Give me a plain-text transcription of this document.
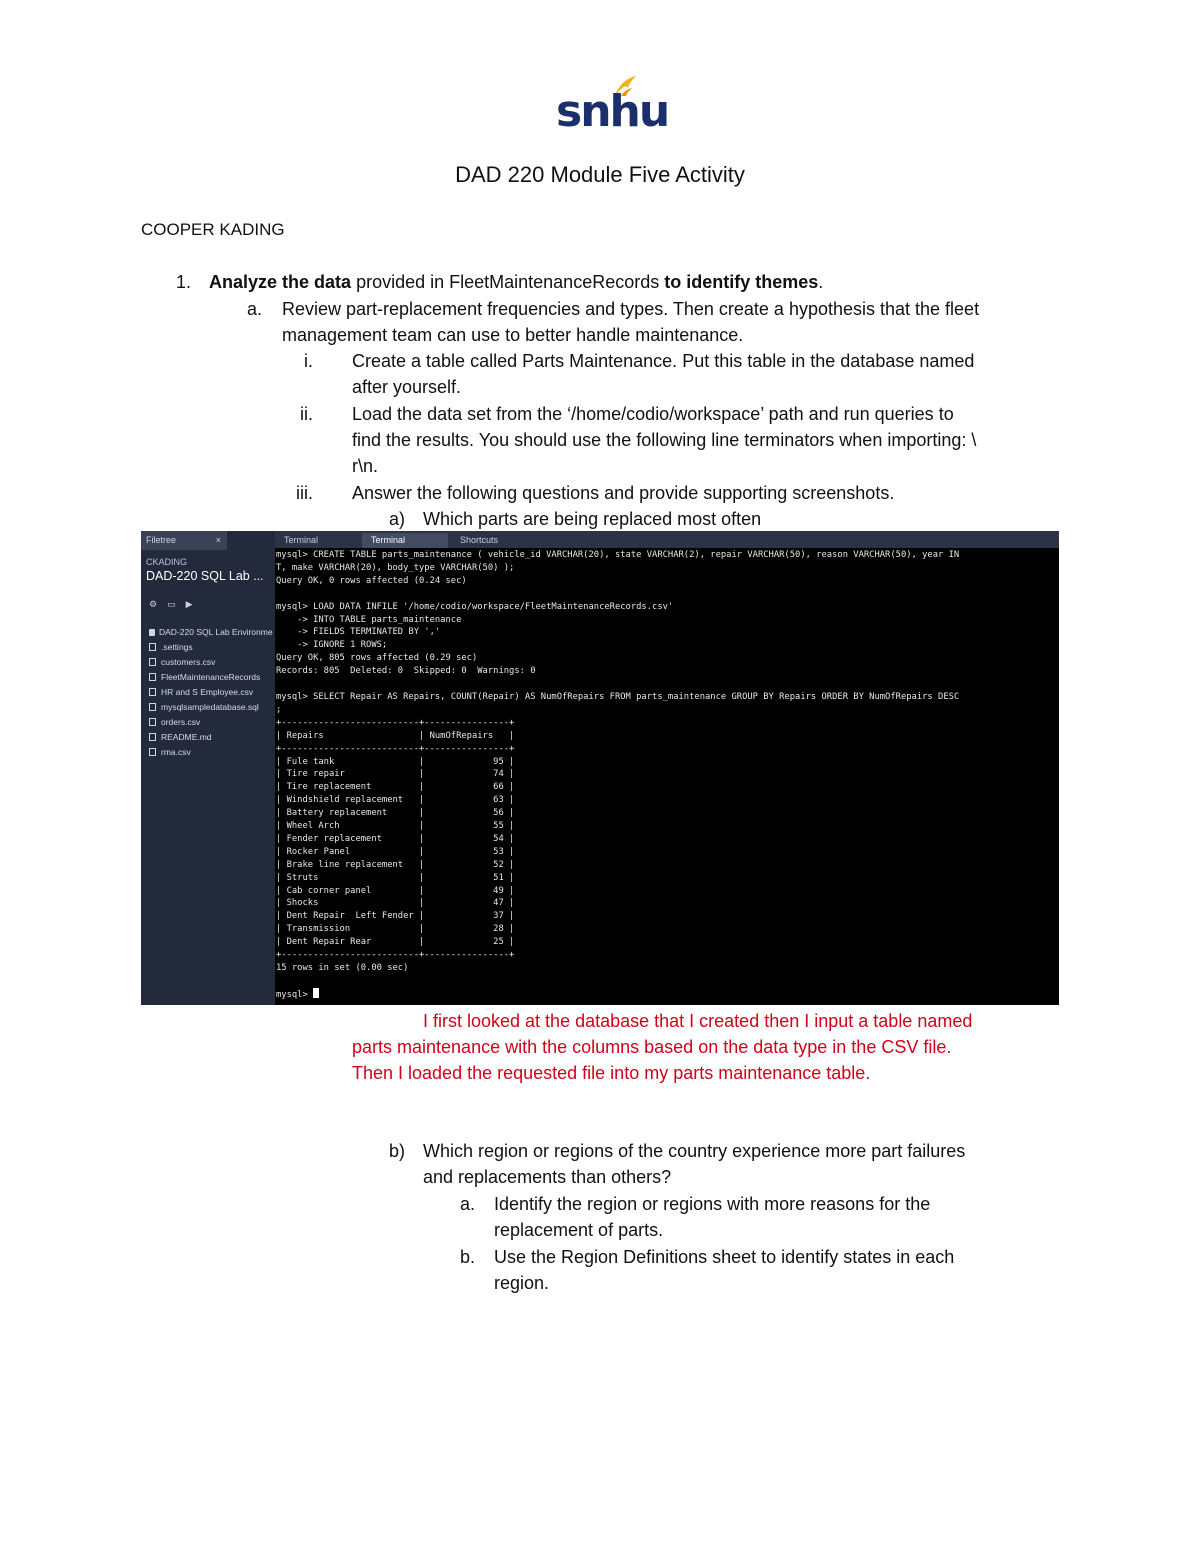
snhu
DAD 220 Module Five Activity
COOPER KADING
1. Analyze the data provided in FleetMaintenanceRecords to identify themes.
a. Review part-replacement frequencies and types. Then create a hypothesis that the fleet
management team can use to better handle maintenance.
i. Create a table called Parts Maintenance. Put this table in the database named
after yourself.
ii. Load the data set from the ‘/home/codio/workspace’ path and run queries to
find the results. You should use the following line terminators when importing: \
r\n.
iii. Answer the following questions and provide supporting screenshots.
a) Which parts are being replaced most often
Filetree	×
CKADING
DAD-220 SQL Lab ...
⚙▭▶
DAD-220 SQL Lab Environme
.settings
customers.csv
FleetMaintenanceRecords
HR and S Employee.csv
mysqlsampledatabase.sql
orders.csv
README.md
rma.csv
Terminal	Terminal	Shortcuts
mysql> CREATE TABLE parts_maintenance ( vehicle_id VARCHAR(20), state VARCHAR(2), repair VARCHAR(50), reason VARCHAR(50), year IN
T, make VARCHAR(20), body_type VARCHAR(50) );
Query OK, 0 rows affected (0.24 sec)

mysql> LOAD DATA INFILE '/home/codio/workspace/FleetMaintenanceRecords.csv'
-> INTO TABLE parts_maintenance
-> FIELDS TERMINATED BY ','
-> IGNORE 1 ROWS;
Query OK, 805 rows affected (0.29 sec)
Records: 805  Deleted: 0  Skipped: 0  Warnings: 0

mysql> SELECT Repair AS Repairs, COUNT(Repair) AS NumOfRepairs FROM parts_maintenance GROUP BY Repairs ORDER BY NumOfRepairs DESC
;
+--------------------------+----------------+
| Repairs                  | NumOfRepairs   |
+--------------------------+----------------+
| Fule tank                |             95 |
| Tire repair              |             74 |
| Tire replacement         |             66 |
| Windshield replacement   |             63 |
| Battery replacement      |             56 |
| Wheel Arch               |             55 |
| Fender replacement       |             54 |
| Rocker Panel             |             53 |
| Brake line replacement   |             52 |
| Struts                   |             51 |
| Cab corner panel         |             49 |
| Shocks                   |             47 |
| Dent Repair  Left Fender |             37 |
| Transmission             |             28 |
| Dent Repair Rear         |             25 |
+--------------------------+----------------+
15 rows in set (0.00 sec)

mysql>
I first looked at the database that I created then I input a table named
parts maintenance with the columns based on the data type in the CSV file.
Then I loaded the requested file into my parts maintenance table.
b) Which region or regions of the country experience more part failures
and replacements than others?
a. Identify the region or regions with more reasons for the
replacement of parts.
b. Use the Region Definitions sheet to identify states in each
region.
